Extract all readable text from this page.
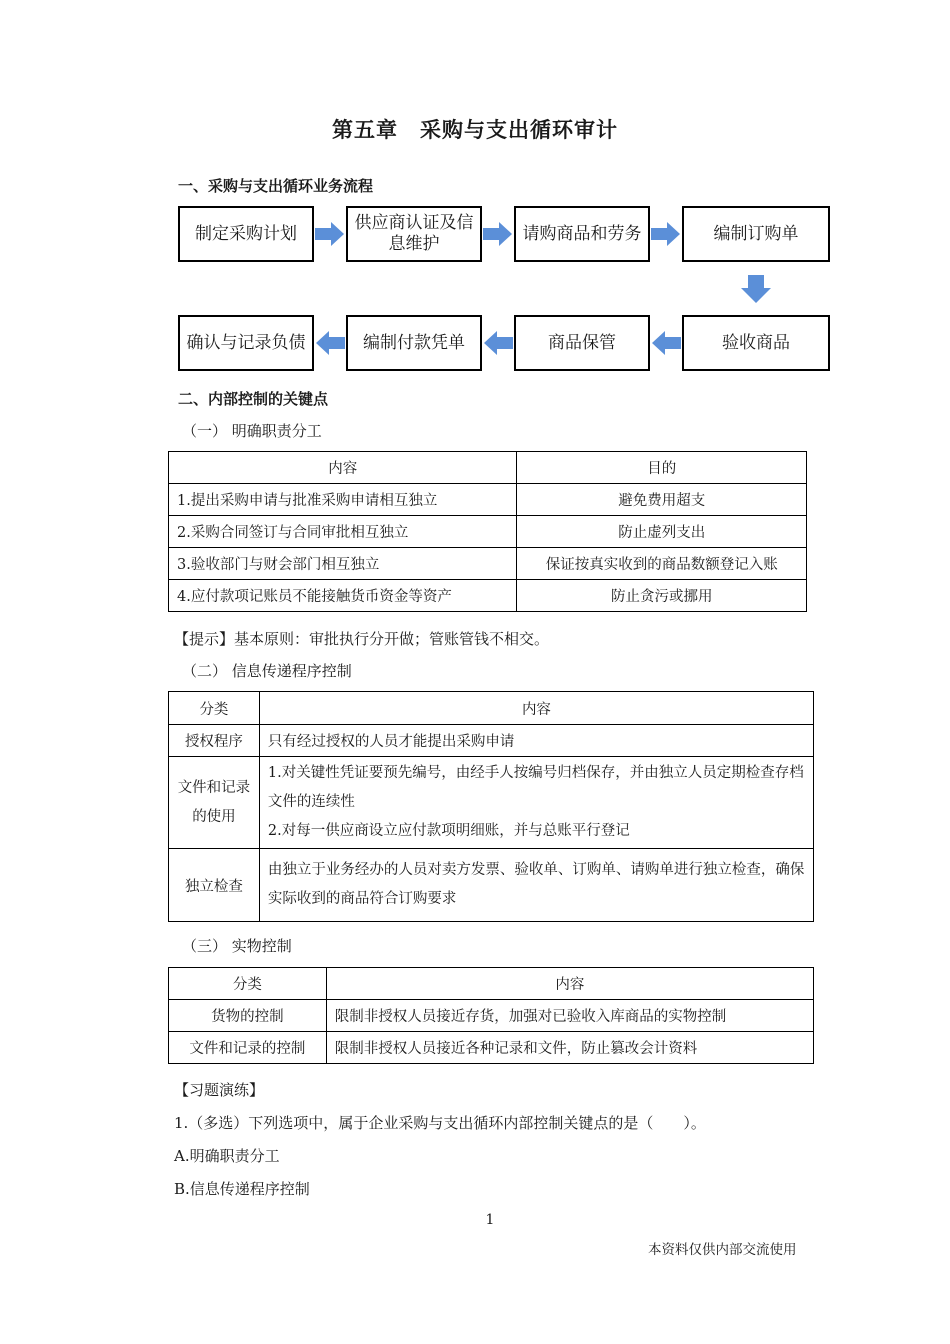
第五章　采购与支出循环审计
一、采购与支出循环业务流程
制定采购计划
供应商认证及信息维护
请购商品和劳务	编制订购单
验收商品
商品保管
编制付款凭单
确认与记录负债
二、内部控制的关键点
（一） 明确职责分工
内容	目的
1.提出采购申请与批准采购申请相互独立	避免费用超支
2.采购合同签订与合同审批相互独立	防止虚列支出
3.验收部门与财会部门相互独立	保证按真实收到的商品数额登记入账
4.应付款项记账员不能接触货币资金等资产	防止贪污或挪用
【提示】基本原则：审批执行分开做；管账管钱不相交。
（二） 信息传递程序控制
分类	内容
授权程序	只有经过授权的人员才能提出采购申请

文件和记录的使用	1.对关键性凭证要预先编号，由经手人按编号归档保存，并由独立人员定期检查存档文件的连续性
2.对每一供应商设立应付款项明细账，并与总账平行登记

独立检查	由独立于业务经办的人员对卖方发票、验收单、订购单、请购单进行独立检查，确保实际收到的商品符合订购要求
（三） 实物控制
分类	内容
货物的控制	限制非授权人员接近存货，加强对已验收入库商品的实物控制
文件和记录的控制	限制非授权人员接近各种记录和文件，防止篡改会计资料
【习题演练】
1.（多选）下列选项中，属于企业采购与支出循环内部控制关键点的是（　　）。
A.明确职责分工
B.信息传递程序控制
1
本资料仅供内部交流使用
